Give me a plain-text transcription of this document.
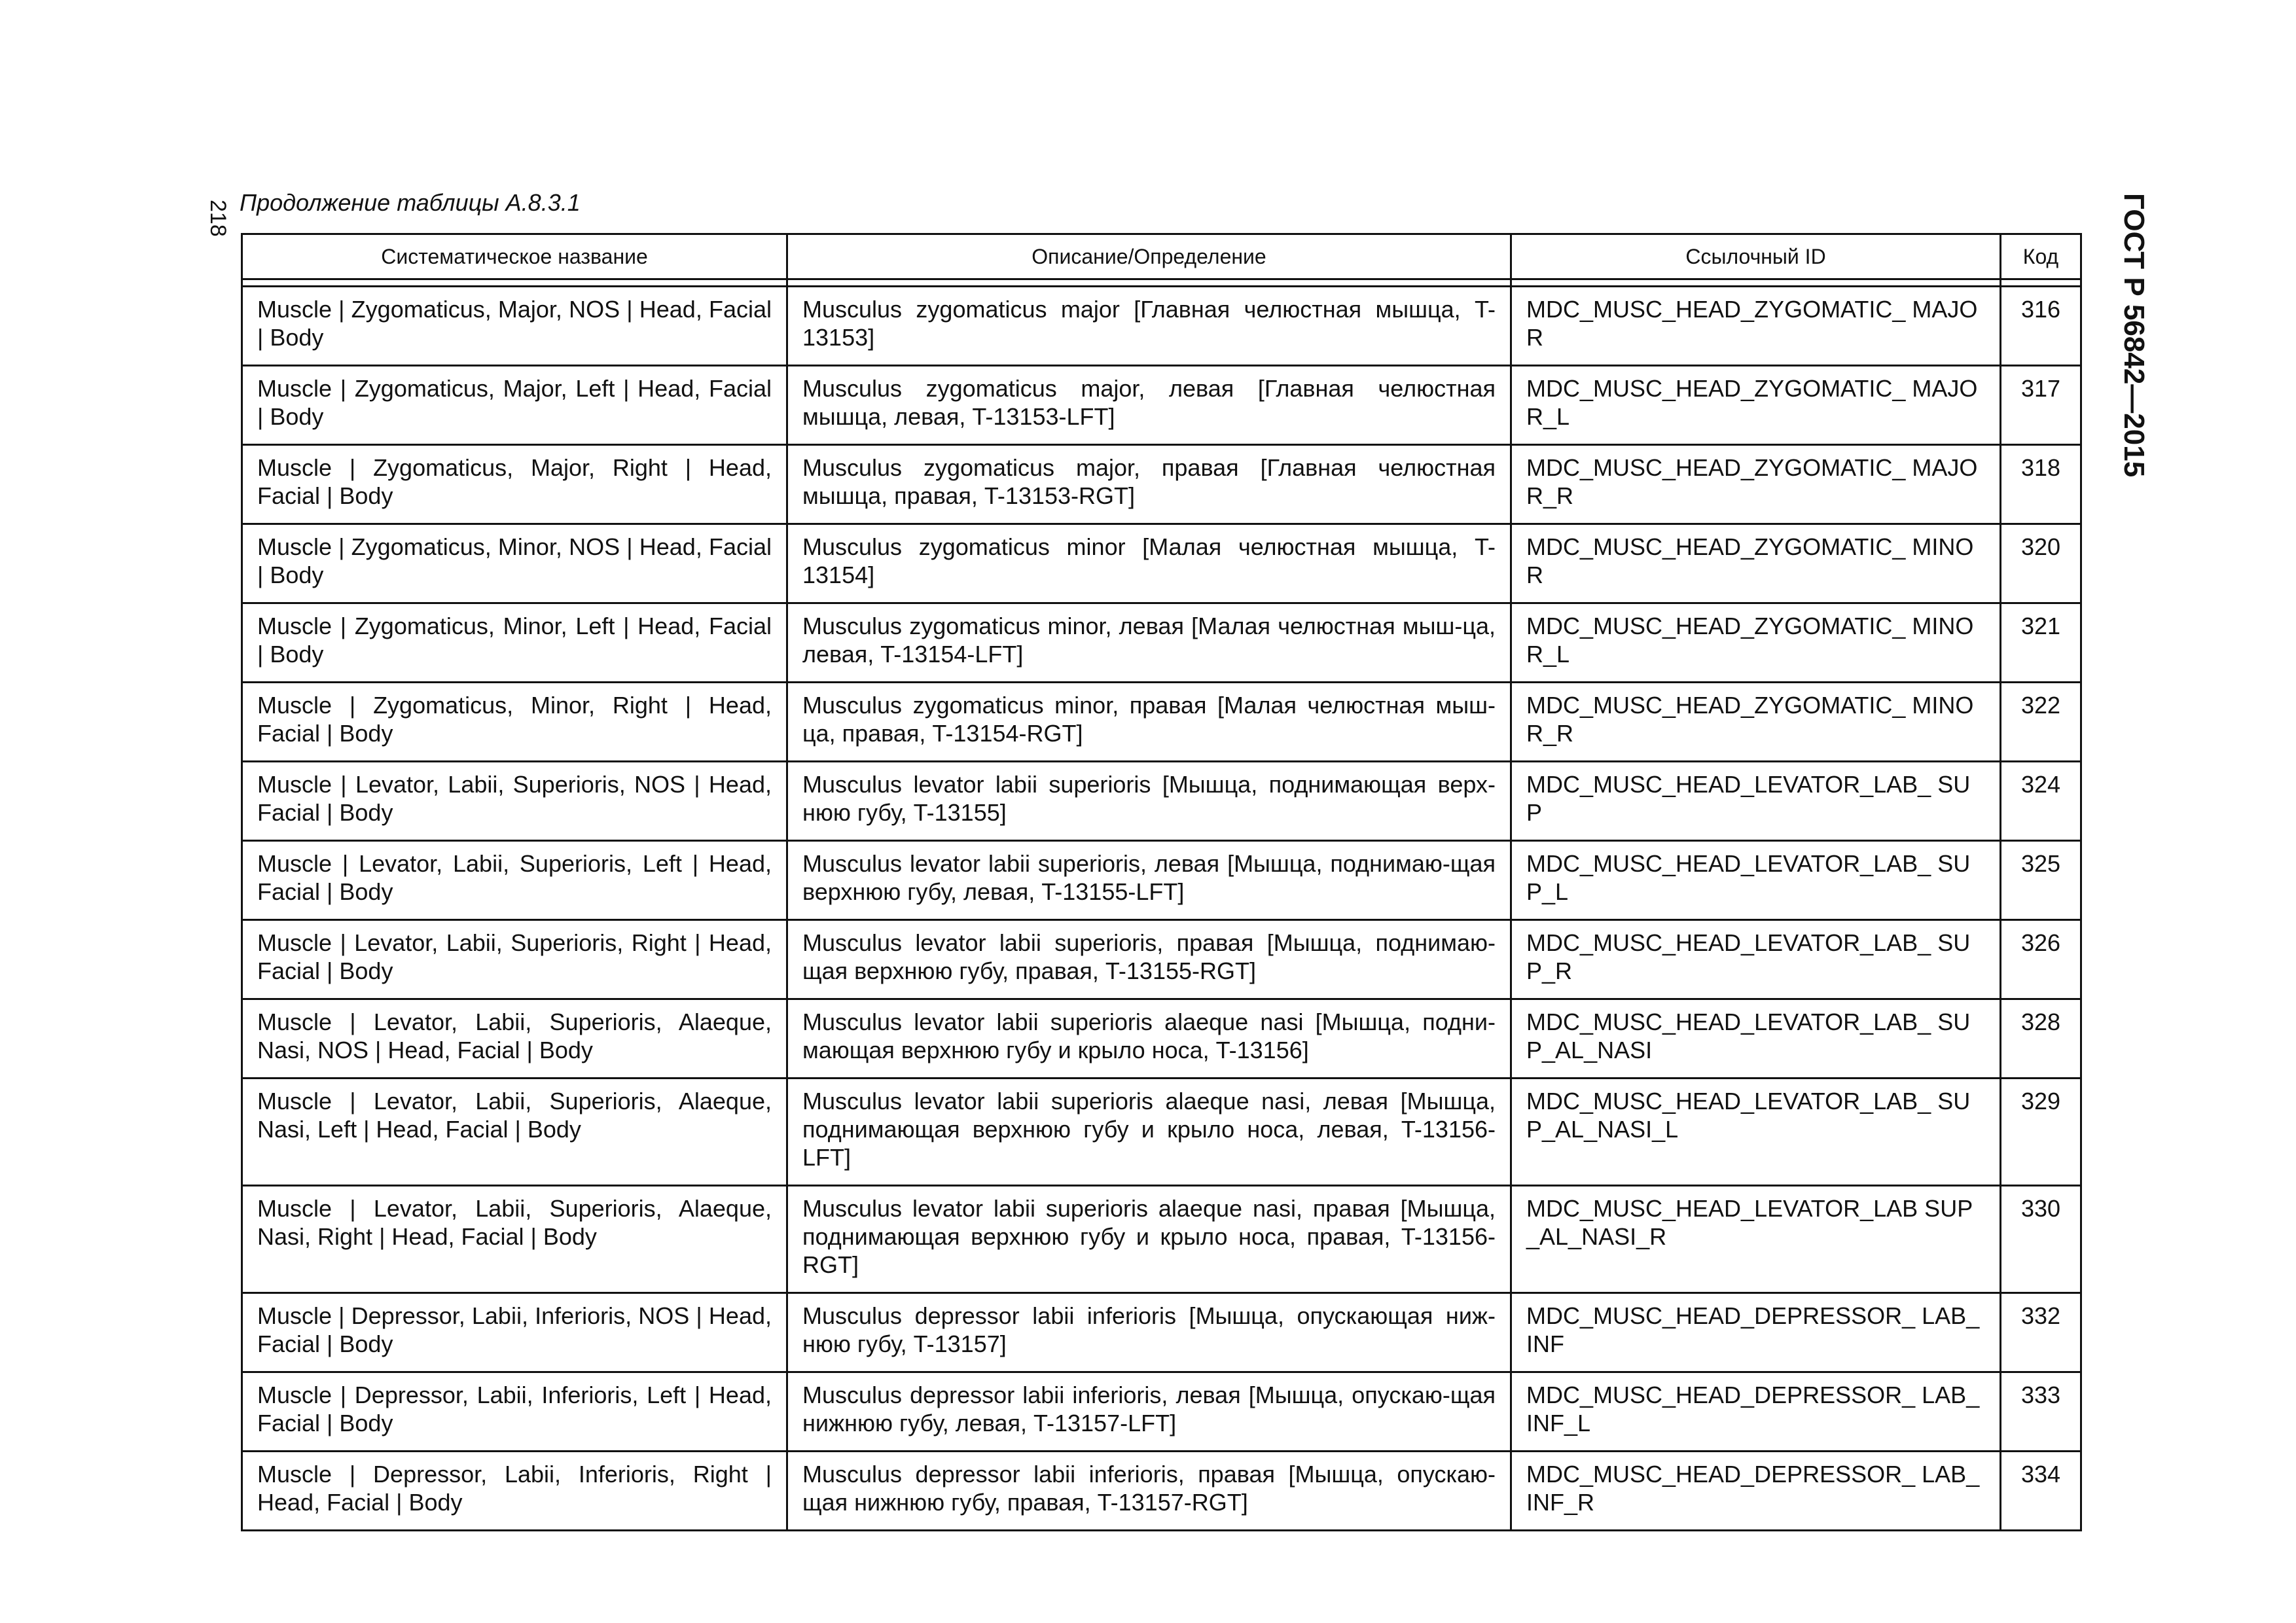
218	ГОСТ Р 56842—2015
Продолжение таблицы А.8.3.1
Систематическое название	Описание/Определение	Ссылочный ID	Код

Muscle | Zygomaticus, Major, NOS | Head, Facial | Body	Musculus zygomaticus major [Главная челюстная мышца, T-13153]	MDC_MUSC_HEAD_ZYGOMATIC_ MAJOR	316
Muscle | Zygomaticus, Major, Left | Head, Facial | Body	Musculus zygomaticus major, левая [Главная челюстная мышца, левая, T-13153-LFT]	MDC_MUSC_HEAD_ZYGOMATIC_ MAJOR_L	317
Muscle | Zygomaticus, Major, Right | Head, Facial | Body	Musculus zygomaticus major, правая [Главная челюстная мышца, правая, T-13153-RGT]	MDC_MUSC_HEAD_ZYGOMATIC_ MAJOR_R	318
Muscle | Zygomaticus, Minor, NOS | Head, Facial | Body	Musculus zygomaticus minor [Малая челюстная мышца, T-13154]	MDC_MUSC_HEAD_ZYGOMATIC_ MINOR	320
Muscle | Zygomaticus, Minor, Left | Head, Facial | Body	Musculus zygomaticus minor, левая [Малая челюстная мыш-ца, левая, T-13154-LFT]	MDC_MUSC_HEAD_ZYGOMATIC_ MINOR_L	321
Muscle | Zygomaticus, Minor, Right | Head, Facial | Body	Musculus zygomaticus minor, правая [Малая челюстная мыш-ца, правая, T-13154-RGT]	MDC_MUSC_HEAD_ZYGOMATIC_ MINOR_R	322
Muscle | Levator, Labii, Superioris, NOS | Head, Facial | Body	Musculus levator labii superioris [Мышца, поднимающая верх-нюю губу, T-13155]	MDC_MUSC_HEAD_LEVATOR_LAB_ SUP	324
Muscle | Levator, Labii, Superioris, Left | Head, Facial | Body	Musculus levator labii superioris, левая [Мышца, поднимаю-щая верхнюю губу, левая, T-13155-LFT]	MDC_MUSC_HEAD_LEVATOR_LAB_ SUP_L	325
Muscle | Levator, Labii, Superioris, Right | Head, Facial | Body	Musculus levator labii superioris, правая [Мышца, поднимаю-щая верхнюю губу, правая, T-13155-RGT]	MDC_MUSC_HEAD_LEVATOR_LAB_ SUP_R	326
Muscle | Levator, Labii, Superioris, Alaeque, Nasi, NOS | Head, Facial | Body	Musculus levator labii superioris alaeque nasi [Мышца, подни-мающая верхнюю губу и крыло носа, T-13156]	MDC_MUSC_HEAD_LEVATOR_LAB_ SUP_AL_NASI	328
Muscle | Levator, Labii, Superioris, Alaeque, Nasi, Left | Head, Facial | Body	Musculus levator labii superioris alaeque nasi, левая [Мышца, поднимающая верхнюю губу и крыло носа, левая, T-13156-LFT]	MDC_MUSC_HEAD_LEVATOR_LAB_ SUP_AL_NASI_L	329
Muscle | Levator, Labii, Superioris, Alaeque, Nasi, Right | Head, Facial | Body	Musculus levator labii superioris alaeque nasi, правая [Мышца, поднимающая верхнюю губу и крыло носа, правая, T-13156-RGT]	MDC_MUSC_HEAD_LEVATOR_LAB SUP_AL_NASI_R	330
Muscle | Depressor, Labii, Inferioris, NOS | Head, Facial | Body	Musculus depressor labii inferioris [Мышца, опускающая ниж-нюю губу, T-13157]	MDC_MUSC_HEAD_DEPRESSOR_ LAB_INF	332
Muscle | Depressor, Labii, Inferioris, Left | Head, Facial | Body	Musculus depressor labii inferioris, левая [Мышца, опускаю-щая нижнюю губу, левая, T-13157-LFT]	MDC_MUSC_HEAD_DEPRESSOR_ LAB_INF_L	333
Muscle | Depressor, Labii, Inferioris, Right | Head, Facial | Body	Musculus depressor labii inferioris, правая [Мышца, опускаю-щая нижнюю губу, правая, T-13157-RGT]	MDC_MUSC_HEAD_DEPRESSOR_ LAB_INF_R	334
